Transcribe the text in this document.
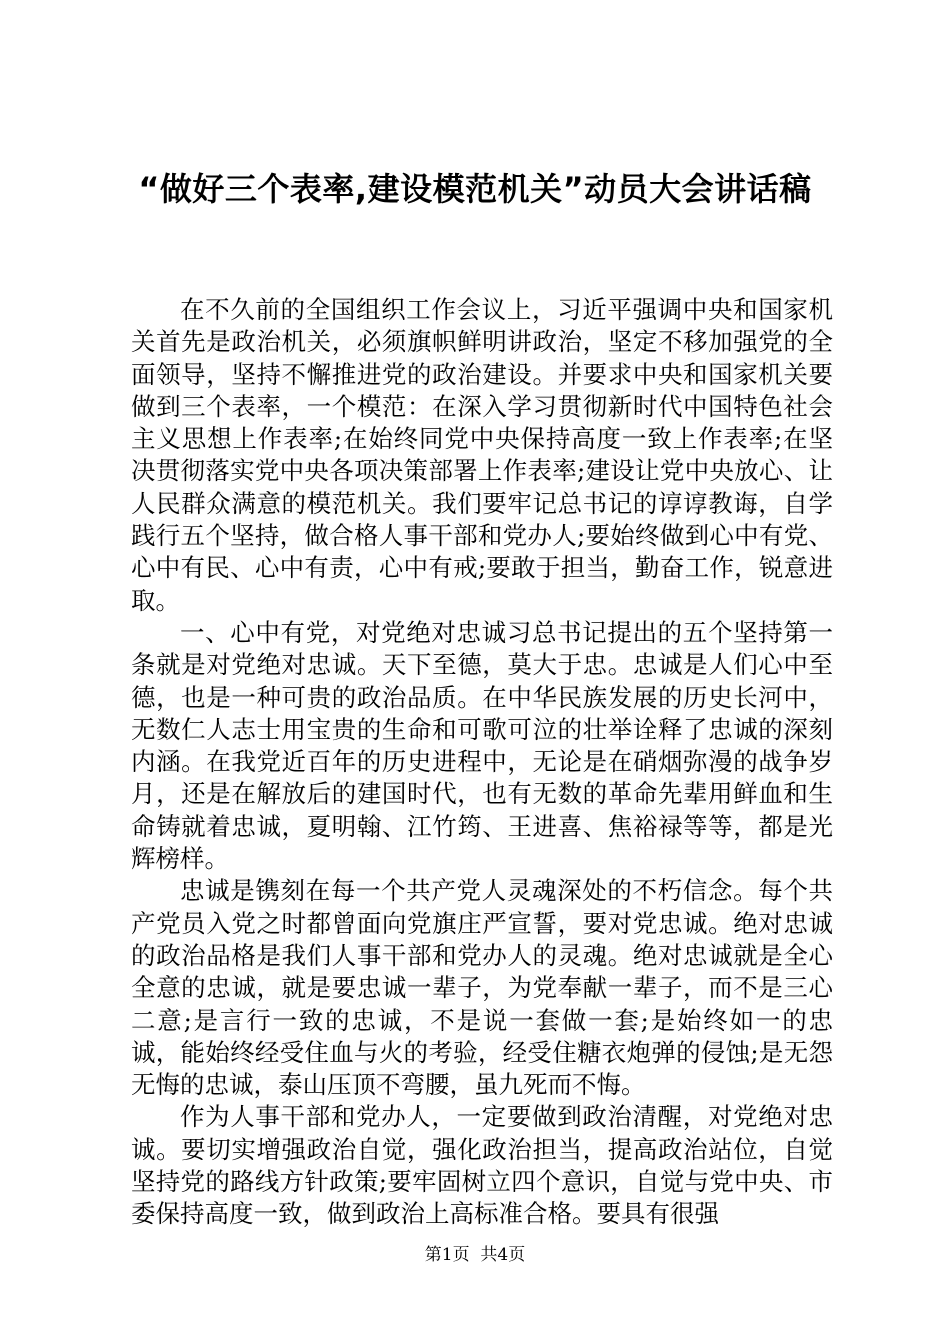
“做好三个表率,建设模范机关”动员大会讲话稿

在不久前的全国组织工作会议上，习近平强调中央和国家机关首先是政治机关，必须旗帜鲜明讲政治，坚定不移加强党的全面领导，坚持不懈推进党的政治建设。并要求中央和国家机关要做到三个表率，一个模范：在深入学习贯彻新时代中国特色社会主义思想上作表率;在始终同党中央保持高度一致上作表率;在坚决贯彻落实党中央各项决策部署上作表率;建设让党中央放心、让人民群众满意的模范机关。我们要牢记总书记的谆谆教诲，自学践行五个坚持，做合格人事干部和党办人;要始终做到心中有党、心中有民、心中有责，心中有戒;要敢于担当，勤奋工作，锐意进取。

一、心中有党，对党绝对忠诚习总书记提出的五个坚持第一条就是对党绝对忠诚。天下至德，莫大于忠。忠诚是人们心中至德，也是一种可贵的政治品质。在中华民族发展的历史长河中，无数仁人志士用宝贵的生命和可歌可泣的壮举诠释了忠诚的深刻内涵。在我党近百年的历史进程中，无论是在硝烟弥漫的战争岁月，还是在解放后的建国时代，也有无数的革命先辈用鲜血和生命铸就着忠诚，夏明翰、江竹筠、王进喜、焦裕禄等等，都是光辉榜样。

忠诚是镌刻在每一个共产党人灵魂深处的不朽信念。每个共产党员入党之时都曾面向党旗庄严宣誓，要对党忠诚。绝对忠诚的政治品格是我们人事干部和党办人的灵魂。绝对忠诚就是全心全意的忠诚，就是要忠诚一辈子，为党奉献一辈子，而不是三心二意;是言行一致的忠诚，不是说一套做一套;是始终如一的忠诚，能始终经受住血与火的考验，经受住糖衣炮弹的侵蚀;是无怨无悔的忠诚，泰山压顶不弯腰，虽九死而不悔。

作为人事干部和党办人，一定要做到政治清醒，对党绝对忠诚。要切实增强政治自觉，强化政治担当，提高政治站位，自觉坚持党的路线方针政策;要牢固树立四个意识，自觉与党中央、市委保持高度一致，做到政治上高标准合格。要具有很强

第1页 共4页
